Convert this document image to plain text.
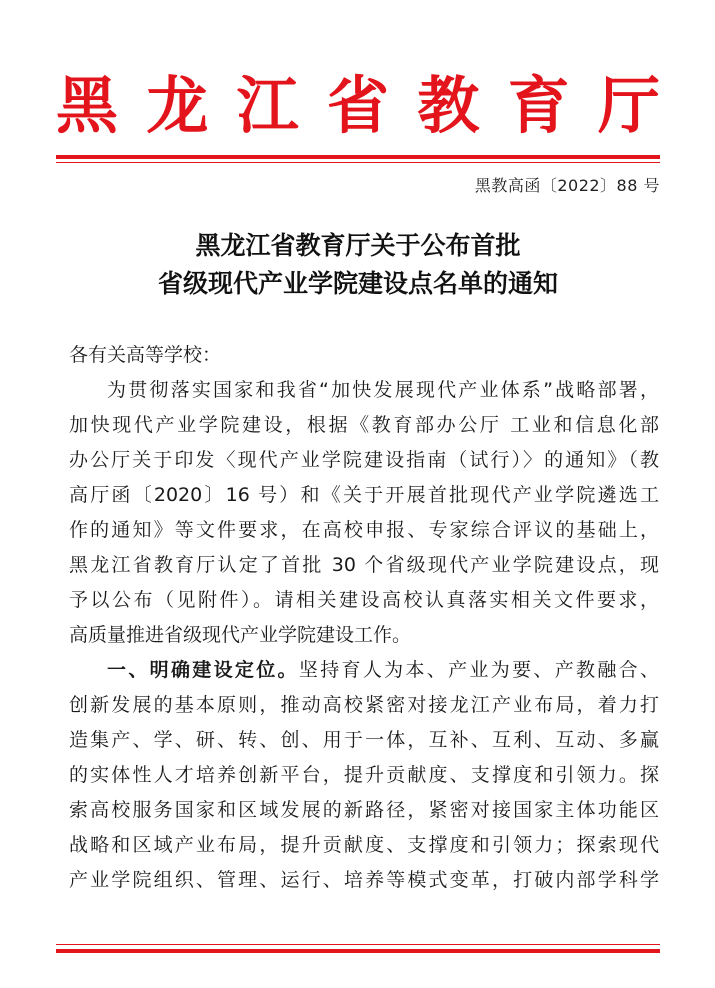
黑 龙 江 省 教 育 厅
黑教高函〔2022〕88 号
黑龙江省教育厅关于公布首批
省级现代产业学院建设点名单的通知
各有关高等学校：
为贯彻落实国家和我省“加快发展现代产业体系”战略部署，
加快现代产业学院建设，根据《教育部办公厅 工业和信息化部
办公厅关于印发〈现代产业学院建设指南（试行）〉的通知》（教
高厅函〔2020〕16 号）和《关于开展首批现代产业学院遴选工
作的通知》等文件要求，在高校申报、专家综合评议的基础上，
黑龙江省教育厅认定了首批 30 个省级现代产业学院建设点，现
予以公布（见附件）。请相关建设高校认真落实相关文件要求，
高质量推进省级现代产业学院建设工作。
一、明确建设定位。坚持育人为本、产业为要、产教融合、
创新发展的基本原则，推动高校紧密对接龙江产业布局，着力打
造集产、学、研、转、创、用于一体，互补、互利、互动、多赢
的实体性人才培养创新平台，提升贡献度、支撑度和引领力。探
索高校服务国家和区域发展的新路径，紧密对接国家主体功能区
战略和区域产业布局，提升贡献度、支撑度和引领力；探索现代
产业学院组织、管理、运行、培养等模式变革，打破内部学科学
